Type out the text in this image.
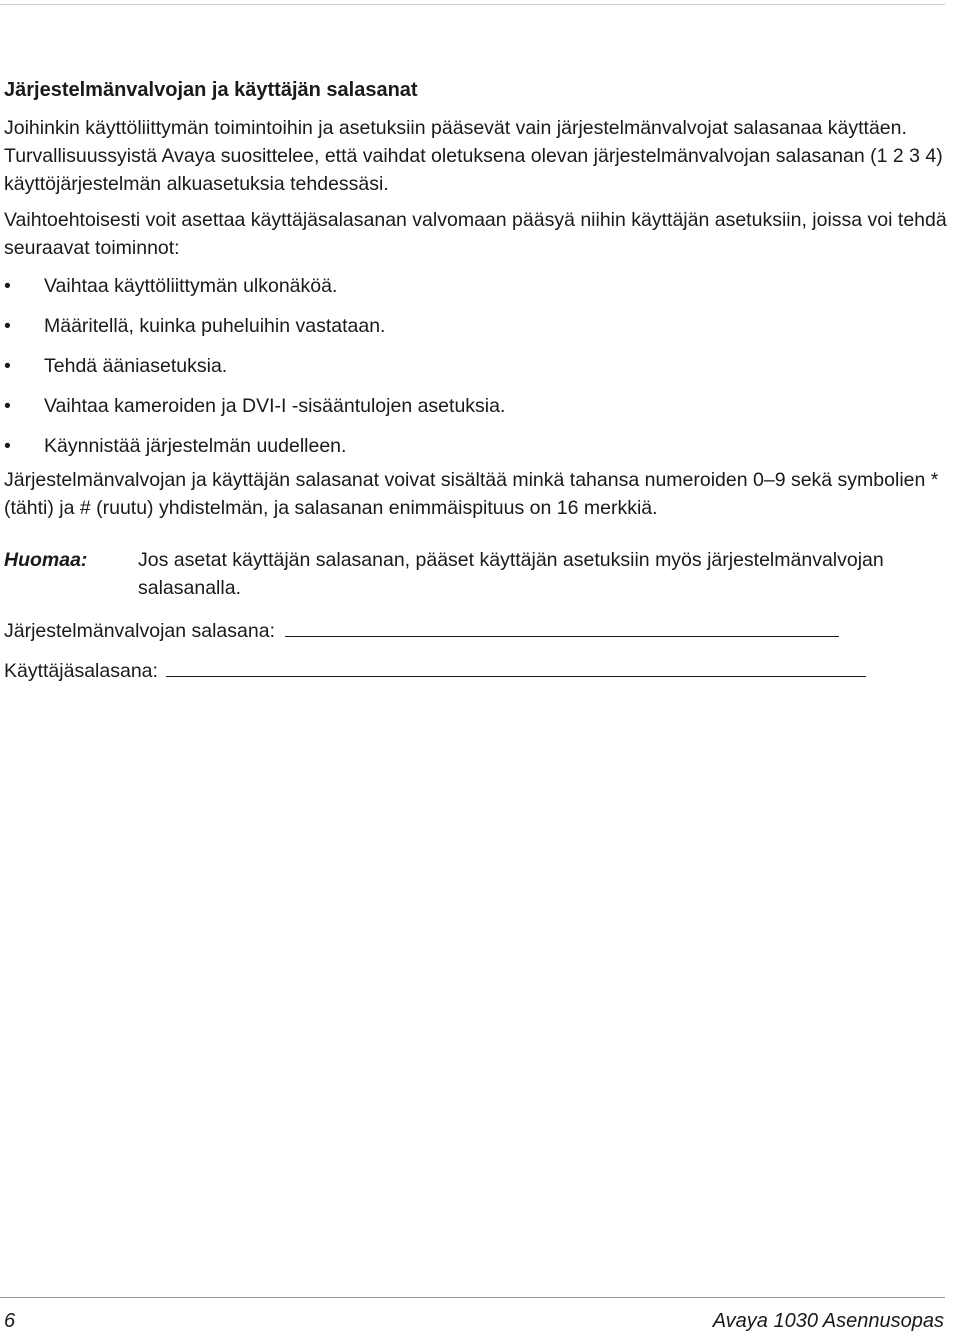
Järjestelmänvalvojan ja käyttäjän salasanat

Joihinkin käyttöliittymän toimintoihin ja asetuksiin pääsevät vain järjestelmänvalvojat salasanaa käyttäen. Turvallisuussyistä Avaya suosittelee, että vaihdat oletuksena olevan järjestelmänvalvojan salasanan (1 2 3 4) käyttöjärjestelmän alkuasetuksia tehdessäsi.

Vaihtoehtoisesti voit asettaa käyttäjäsalasanan valvomaan pääsyä niihin käyttäjän asetuksiin, joissa voi tehdä seuraavat toiminnot:

• Vaihtaa käyttöliittymän ulkonäköä.
• Määritellä, kuinka puheluihin vastataan.
• Tehdä ääniasetuksia.
• Vaihtaa kameroiden ja DVI-I -sisääntulojen asetuksia.
• Käynnistää järjestelmän uudelleen.

Järjestelmänvalvojan ja käyttäjän salasanat voivat sisältää minkä tahansa numeroiden 0–9 sekä symbolien * (tähti) ja # (ruutu) yhdistelmän, ja salasanan enimmäispituus on 16 merkkiä.

Huomaa:	Jos asetat käyttäjän salasanan, pääset käyttäjän asetuksiin myös järjestelmänvalvojan salasanalla.
Järjestelmänvalvojan salasana:
Käyttäjäsalasana:
6	Avaya 1030 Asennusopas
